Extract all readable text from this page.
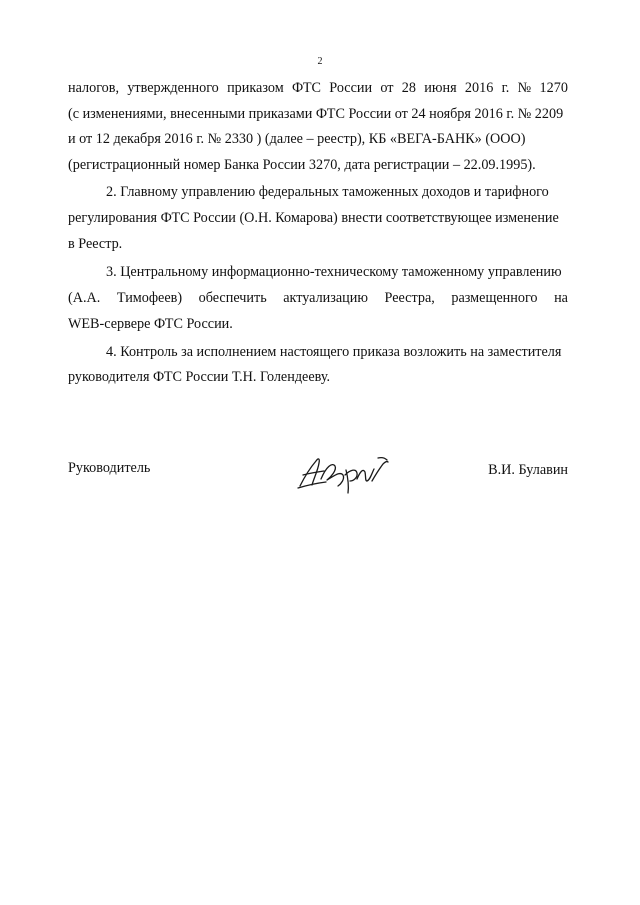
2
налогов, утвержденного приказом ФТС России от 28 июня 2016 г. № 1270
(с изменениями, внесенными приказами ФТС России от 24 ноября 2016 г. № 2209
и от 12 декабря 2016 г. № 2330 ) (далее – реестр), КБ «ВЕГА-БАНК» (ООО)
(регистрационный номер Банка России 3270, дата регистрации – 22.09.1995).
2. Главному управлению федеральных таможенных доходов и тарифного
регулирования ФТС России (О.Н. Комарова) внести соответствующее изменение
в Реестр.
3. Центральному информационно-техническому таможенному управлению
(А.А. Тимофеев) обеспечить актуализацию Реестра, размещенного на
WEB-сервере ФТС России.
4. Контроль за исполнением настоящего приказа возложить на заместителя
руководителя ФТС России Т.Н. Голендееву.
Руководитель	В.И. Булавин
